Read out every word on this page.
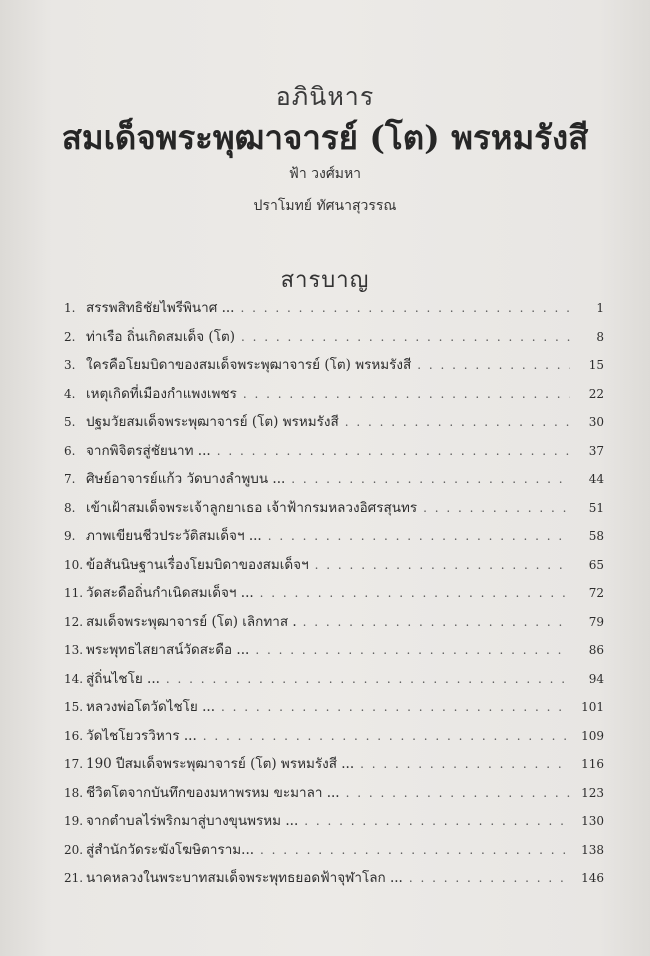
อภินิหาร
สมเด็จพระพุฒาจารย์ (โต) พรหมรังสี
ฟ้า วงศ์มหา
ปราโมทย์ ทัศนาสุวรรณ
สารบาญ
1. สรรพสิทธิชัยไพรีพินาศ ... . . .	1
2. ท่าเรือ ถิ่นเกิดสมเด็จ (โต) . . .	8
3. ใครคือโยมบิดาของสมเด็จพระพุฒาจารย์ (โต) พรหมรังสี . . .	15
4. เหตุเกิดที่เมืองกำแพงเพชร . . .	22
5. ปฐมวัยสมเด็จพระพุฒาจารย์ (โต) พรหมรังสี . . .	30
6. จากพิจิตรสู่ชัยนาท ... . . .	37
7. ศิษย์อาจารย์แก้ว วัดบางลำพูบน ... . . .	44
8. เข้าเฝ้าสมเด็จพระเจ้าลูกยาเธอ เจ้าฟ้ากรมหลวงอิศรสุนทร . . .	51
9. ภาพเขียนชีวประวัติสมเด็จฯ ... . . .	58
10. ข้อสันนิษฐานเรื่องโยมบิดาของสมเด็จฯ . . .	65
11. วัดสะดือถิ่นกำเนิดสมเด็จฯ ... . . .	72
12. สมเด็จพระพุฒาจารย์ (โต) เลิกทาส . . . .	79
13. พระพุทธไสยาสน์วัดสะดือ ... . . .	86
14. สู่ถิ่นไชโย ... . . .	94
15. หลวงพ่อโตวัดไชโย ... . . .	101
16. วัดไชโยวรวิหาร ... . . .	109
17. 190 ปีสมเด็จพระพุฒาจารย์ (โต) พรหมรังสี ... . . .	116
18. ชีวิตโตจากบันทึกของมหาพรหม ขะมาลา ... . . .	123
19. จากตำบลไร่พริกมาสู่บางขุนพรหม ... . . .	130
20. สู่สำนักวัดระฆังโฆษิตาราม... . . .	138
21. นาคหลวงในพระบาทสมเด็จพระพุทธยอดฟ้าจุฬาโลก ... . . .	146
